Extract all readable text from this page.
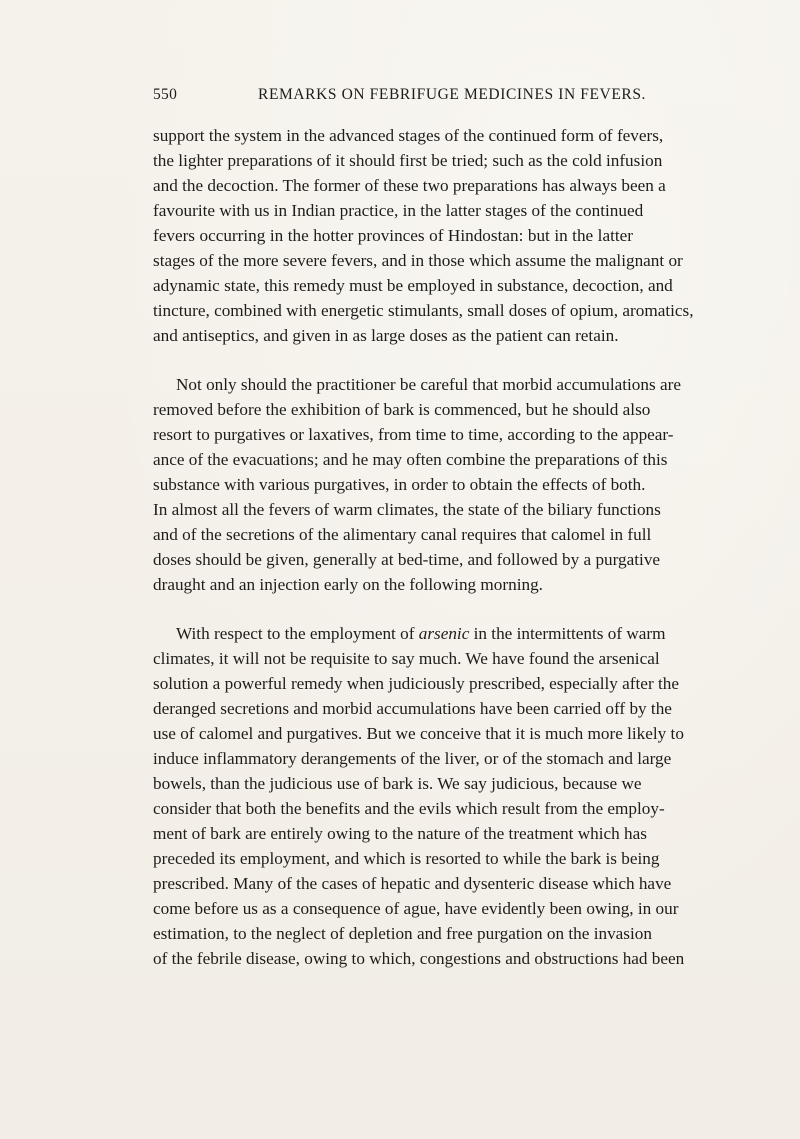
550	REMARKS ON FEBRIFUGE MEDICINES IN FEVERS.
support the system in the advanced stages of the continued form of fevers,
the lighter preparations of it should first be tried; such as the cold infusion
and the decoction. The former of these two preparations has always been a
favourite with us in Indian practice, in the latter stages of the continued
fevers occurring in the hotter provinces of Hindostan: but in the latter
stages of the more severe fevers, and in those which assume the malignant or
adynamic state, this remedy must be employed in substance, decoction, and
tincture, combined with energetic stimulants, small doses of opium, aromatics,
and antiseptics, and given in as large doses as the patient can retain.
Not only should the practitioner be careful that morbid accumulations are
removed before the exhibition of bark is commenced, but he should also
resort to purgatives or laxatives, from time to time, according to the appear-
ance of the evacuations; and he may often combine the preparations of this
substance with various purgatives, in order to obtain the effects of both.
In almost all the fevers of warm climates, the state of the biliary functions
and of the secretions of the alimentary canal requires that calomel in full
doses should be given, generally at bed-time, and followed by a purgative
draught and an injection early on the following morning.
With respect to the employment of arsenic in the intermittents of warm
climates, it will not be requisite to say much. We have found the arsenical
solution a powerful remedy when judiciously prescribed, especially after the
deranged secretions and morbid accumulations have been carried off by the
use of calomel and purgatives. But we conceive that it is much more likely to
induce inflammatory derangements of the liver, or of the stomach and large
bowels, than the judicious use of bark is. We say judicious, because we
consider that both the benefits and the evils which result from the employ-
ment of bark are entirely owing to the nature of the treatment which has
preceded its employment, and which is resorted to while the bark is being
prescribed. Many of the cases of hepatic and dysenteric disease which have
come before us as a consequence of ague, have evidently been owing, in our
estimation, to the neglect of depletion and free purgation on the invasion
of the febrile disease, owing to which, congestions and obstructions had been
